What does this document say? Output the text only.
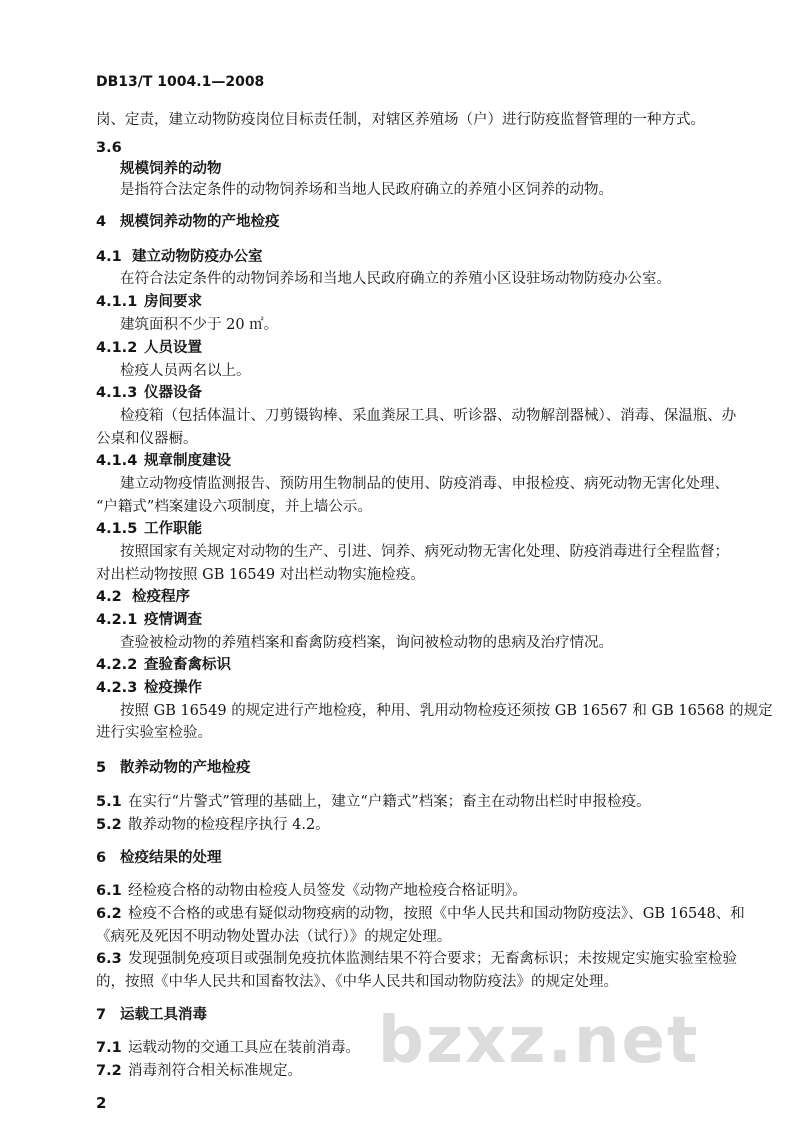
DB13/T 1004.1—2008
岗、定责，建立动物防疫岗位目标责任制，对辖区养殖场（户）进行防疫监督管理的一种方式。
3.6
规模饲养的动物
是指符合法定条件的动物饲养场和当地人民政府确立的养殖小区饲养的动物。
4 规模饲养动物的产地检疫
4.1 建立动物防疫办公室
在符合法定条件的动物饲养场和当地人民政府确立的养殖小区设驻场动物防疫办公室。
4.1.1 房间要求
建筑面积不少于 20 ㎡。
4.1.2 人员设置
检疫人员两名以上。
4.1.3 仪器设备
检疫箱（包括体温计、刀剪镊钩棒、采血粪尿工具、听诊器、动物解剖器械）、消毒、保温瓶、办
公桌和仪器橱。
4.1.4 规章制度建设
建立动物疫情监测报告、预防用生物制品的使用、防疫消毒、申报检疫、病死动物无害化处理、
“户籍式”档案建设六项制度，并上墙公示。
4.1.5 工作职能
按照国家有关规定对动物的生产、引进、饲养、病死动物无害化处理、防疫消毒进行全程监督；
对出栏动物按照 GB 16549 对出栏动物实施检疫。
4.2 检疫程序
4.2.1 疫情调查
查验被检动物的养殖档案和畜禽防疫档案，询问被检动物的患病及治疗情况。
4.2.2 查验畜禽标识
4.2.3 检疫操作
按照 GB 16549 的规定进行产地检疫，种用、乳用动物检疫还须按 GB 16567 和 GB 16568 的规定
进行实验室检验。
5 散养动物的产地检疫
5.1 在实行“片警式”管理的基础上，建立“户籍式”档案；畜主在动物出栏时申报检疫。
5.2 散养动物的检疫程序执行 4.2。
6 检疫结果的处理
6.1 经检疫合格的动物由检疫人员签发《动物产地检疫合格证明》。
6.2 检疫不合格的或患有疑似动物疫病的动物，按照《中华人民共和国动物防疫法》、GB 16548、和
《病死及死因不明动物处置办法（试行）》的规定处理。
6.3 发现强制免疫项目或强制免疫抗体监测结果不符合要求；无畜禽标识；未按规定实施实验室检验
的，按照《中华人民共和国畜牧法》、《中华人民共和国动物防疫法》的规定处理。
7 运载工具消毒
7.1 运载动物的交通工具应在装前消毒。
7.2 消毒剂符合相关标准规定。 bzxz.net
2
